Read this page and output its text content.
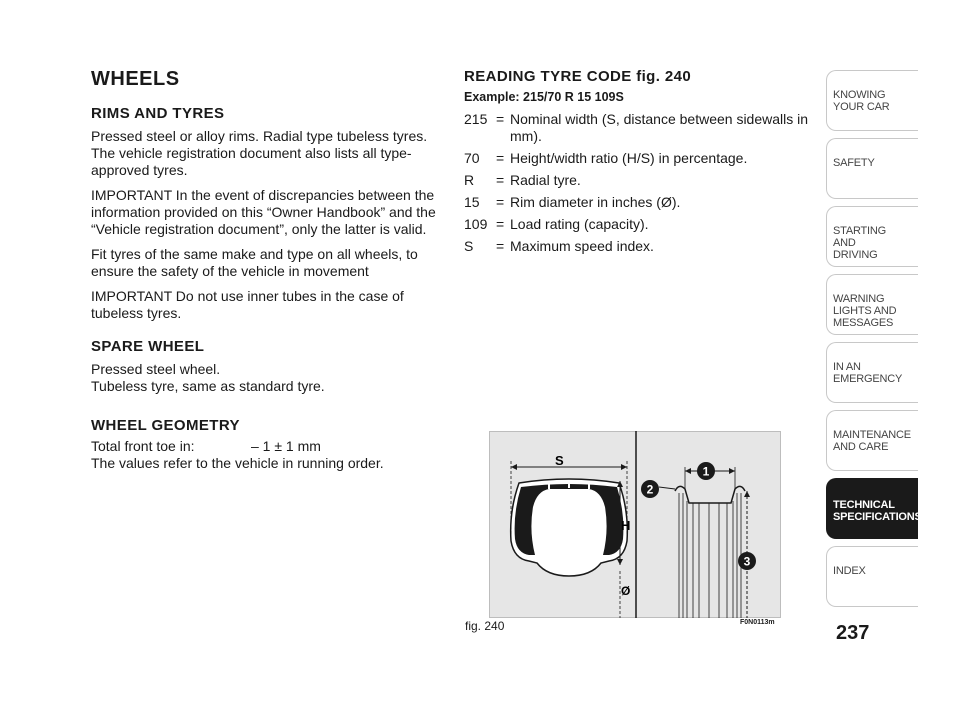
WHEELS
RIMS AND TYRES

Pressed steel or alloy rims. Radial type tubeless tyres. The vehicle registration document also lists all type-approved tyres.

IMPORTANT In the event of discrepancies between the information provided on this “Owner Handbook” and the “Vehicle registration document”, only the latter is valid.

Fit tyres of the same make and type on all wheels, to ensure the safety of the vehicle in movement

IMPORTANT Do not use inner tubes in the case of tubeless tyres.

SPARE WHEEL

Pressed steel wheel.
Tubeless tyre, same as standard tyre.

WHEEL GEOMETRY
Total front toe in:	– 1 ± 1 mm

The values refer to the vehicle in running order.

READING TYRE CODE fig. 240
Example: 215/70 R 15 109S
215 = Nominal width (S, distance between sidewalls in mm).
70	= Height/width ratio (H/S) in percentage.
R	= Radial tyre.
15	= Rim diameter in inches (Ø).
109 = Load rating (capacity).
S	= Maximum speed index.
S
H
Ø
1
2
3
fig. 240	F0N0113m
KNOWING
YOUR CAR
SAFETY
STARTING
AND
DRIVING
WARNING
LIGHTS AND
MESSAGES
IN AN
EMERGENCY
MAINTENANCE
AND CARE
TECHNICAL
SPECIFICATIONS
INDEX
237
